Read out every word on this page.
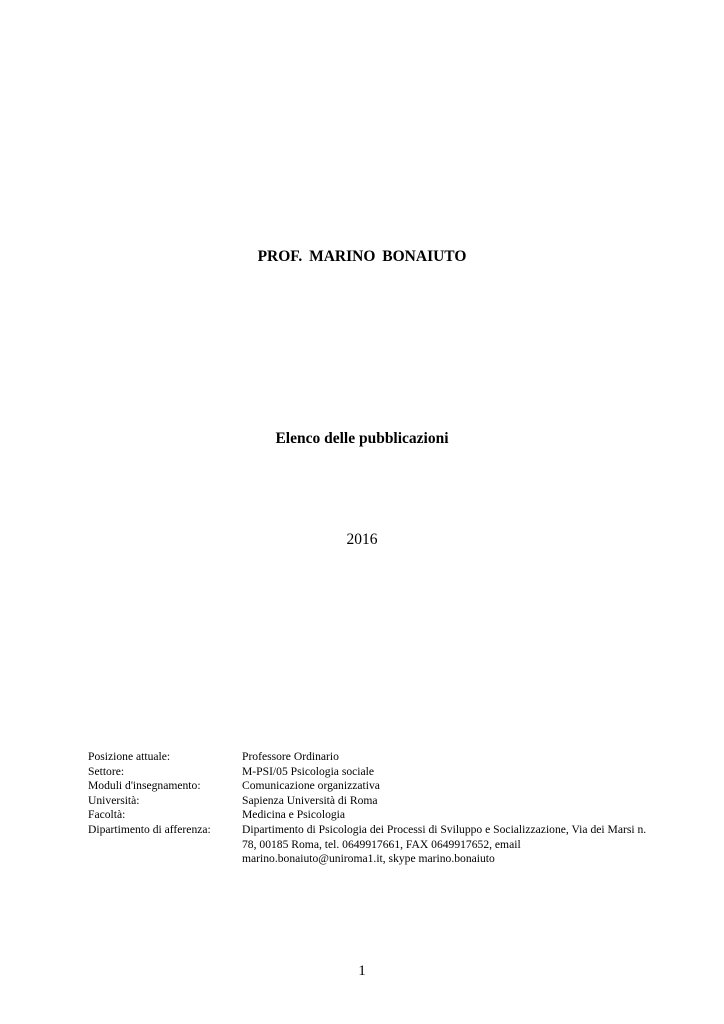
PROF. MARINO BONAIUTO
Elenco delle pubblicazioni
2016
Posizione attuale:	Professore Ordinario
Settore:	M-PSI/05 Psicologia sociale
Moduli d'insegnamento:	Comunicazione organizzativa
Università:	Sapienza Università di Roma
Facoltà:	Medicina e Psicologia
Dipartimento di afferenza:	Dipartimento di Psicologia dei Processi di Sviluppo e Socializzazione, Via dei Marsi n. 78, 00185 Roma, tel. 0649917661, FAX 0649917652, email marino.bonaiuto@uniroma1.it, skype marino.bonaiuto
1
